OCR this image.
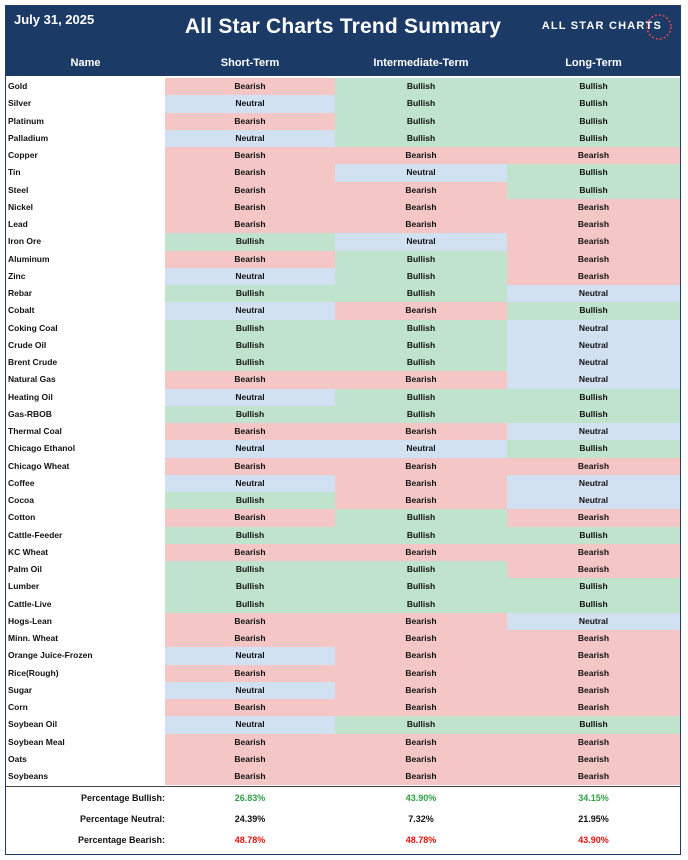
July 31, 2025	All Star Charts Trend Summary	ALL STAR CHARTS
Name	Short-Term	Intermediate-Term	Long-Term
Gold	Bearish	Bullish	Bullish
Silver	Neutral	Bullish	Bullish
Platinum	Bearish	Bullish	Bullish
Palladium	Neutral	Bullish	Bullish
Copper	Bearish	Bearish	Bearish
Tin	Bearish	Neutral	Bullish
Steel	Bearish	Bearish	Bullish
Nickel	Bearish	Bearish	Bearish
Lead	Bearish	Bearish	Bearish
Iron Ore	Bullish	Neutral	Bearish
Aluminum	Bearish	Bullish	Bearish
Zinc	Neutral	Bullish	Bearish
Rebar	Bullish	Bullish	Neutral
Cobalt	Neutral	Bearish	Bullish
Coking Coal	Bullish	Bullish	Neutral
Crude Oil	Bullish	Bullish	Neutral
Brent Crude	Bullish	Bullish	Neutral
Natural Gas	Bearish	Bearish	Neutral
Heating Oil	Neutral	Bullish	Bullish
Gas-RBOB	Bullish	Bullish	Bullish
Thermal Coal	Bearish	Bearish	Neutral
Chicago Ethanol	Neutral	Neutral	Bullish
Chicago Wheat	Bearish	Bearish	Bearish
Coffee	Neutral	Bearish	Neutral
Cocoa	Bullish	Bearish	Neutral
Cotton	Bearish	Bullish	Bearish
Cattle-Feeder	Bullish	Bullish	Bullish
KC Wheat	Bearish	Bearish	Bearish
Palm Oil	Bullish	Bullish	Bearish
Lumber	Bullish	Bullish	Bullish
Cattle-Live	Bullish	Bullish	Bullish
Hogs-Lean	Bearish	Bearish	Neutral
Minn. Wheat	Bearish	Bearish	Bearish
Orange Juice-Frozen	Neutral	Bearish	Bearish
Rice(Rough)	Bearish	Bearish	Bearish
Sugar	Neutral	Bearish	Bearish
Corn	Bearish	Bearish	Bearish
Soybean Oil	Neutral	Bullish	Bullish
Soybean Meal	Bearish	Bearish	Bearish
Oats	Bearish	Bearish	Bearish
Soybeans	Bearish	Bearish	Bearish
Percentage Bullish:	26.83%	43.90%	34.15%
Percentage Neutral:	24.39%	7.32%	21.95%
Percentage Bearish:	48.78%	48.78%	43.90%
